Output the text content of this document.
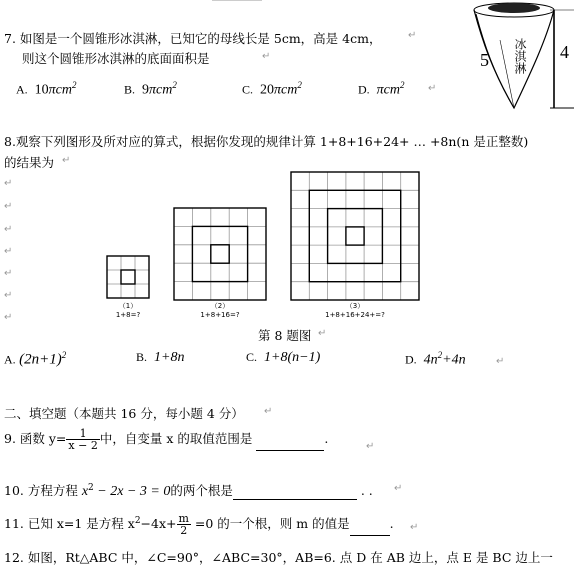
7. 如图是一个圆锥形冰淇淋，已知它的母线长是 5cm，高是 4cm，	↵
则这个圆锥形冰淇淋的底面面积是	↵
A. 10πcm$^2$	B. 9πcm$^2$	C. 20πcm$^2$	D. πcm$^2$ ↵
5	4
冰淇淋
8.观察下列图形及所对应的算式，根据你发现的规律计算 1+8+16+24+ … +8n(n 是正整数)
的结果为 ↵
↵
↵
↵
↵
↵
↵
↵
（1）
1+8=?
（2）
1+8+16=?
（3）
1+8+16+24+=?
第 8 题图 ↵
A. $(2n+1)^2$	B. 1+8n	C. 1+8(n−1)	D. $4n^2+4n$	↵
二、填空题（本题共 16 分，每小题 4 分） ↵
9. 函数 $y= \frac{1}{x - 2}$ 中，自变量 x 的取值范围是	.
↵
10. 方程方程 $x^2 - 2x - 3 = 0$的两个根是	. . ↵
11. 已知 x=1 是方程 $x^2-4x+ \frac{m}{2} =0$ 的一个根，则 m 的值是	. ↵
12. 如图，Rt△ABC 中，∠C=90°，∠ABC=30°，AB=6. 点 D 在 AB 边上，点 E 是 BC 边上一
